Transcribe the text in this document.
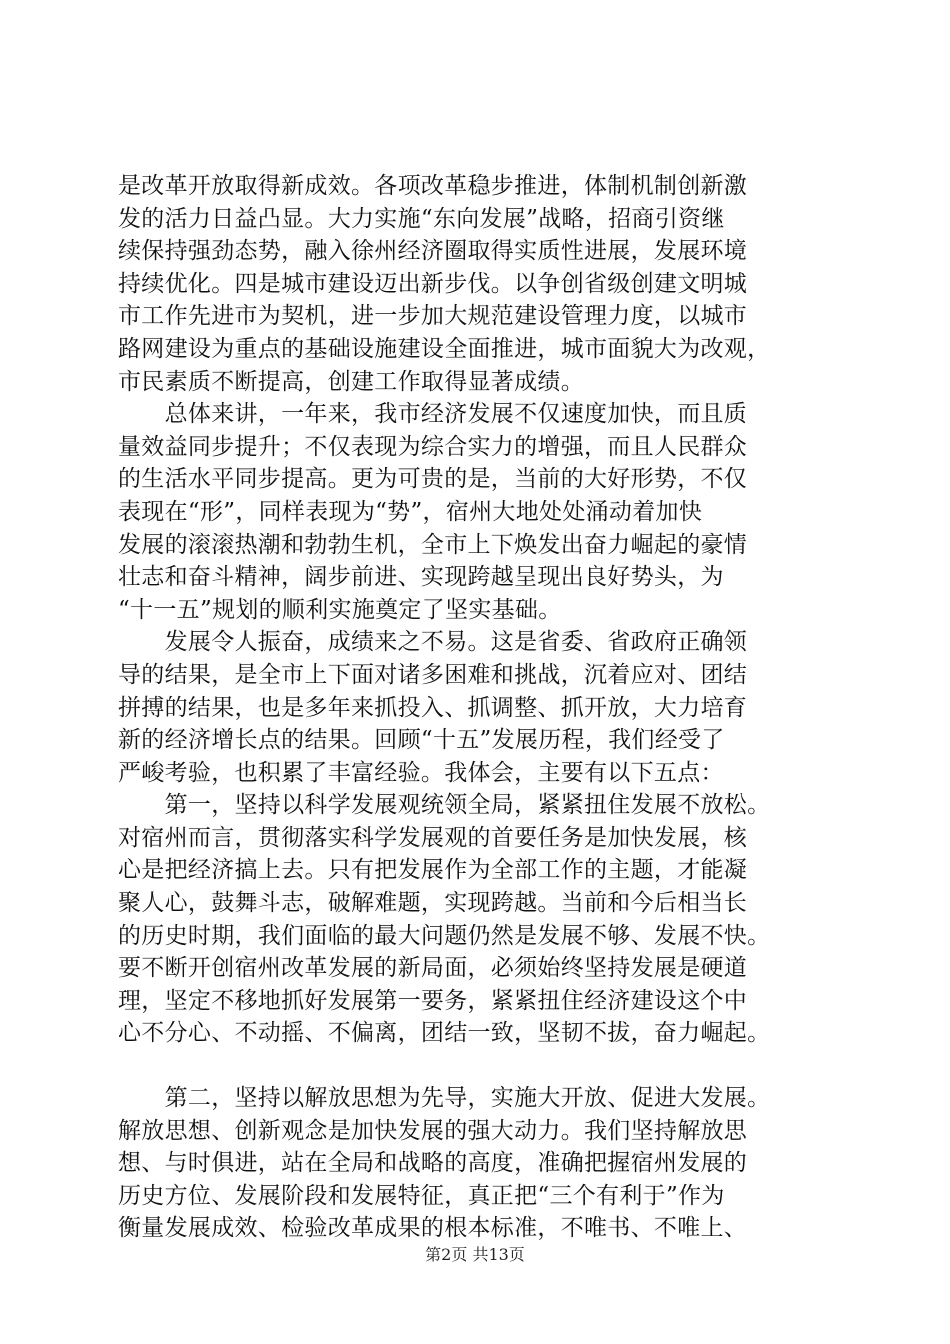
是改革开放取得新成效。各项改革稳步推进，体制机制创新激
发的活力日益凸显。大力实施“东向发展”战略，招商引资继
续保持强劲态势，融入徐州经济圈取得实质性进展，发展环境
持续优化。四是城市建设迈出新步伐。以争创省级创建文明城
市工作先进市为契机，进一步加大规范建设管理力度，以城市
路网建设为重点的基础设施建设全面推进，城市面貌大为改观，
市民素质不断提高，创建工作取得显著成绩。
　　总体来讲，一年来，我市经济发展不仅速度加快，而且质
量效益同步提升；不仅表现为综合实力的增强，而且人民群众
的生活水平同步提高。更为可贵的是，当前的大好形势，不仅
表现在“形”，同样表现为“势”，宿州大地处处涌动着加快
发展的滚滚热潮和勃勃生机，全市上下焕发出奋力崛起的豪情
壮志和奋斗精神，阔步前进、实现跨越呈现出良好势头，为
“十一五”规划的顺利实施奠定了坚实基础。
　　发展令人振奋，成绩来之不易。这是省委、省政府正确领
导的结果，是全市上下面对诸多困难和挑战，沉着应对、团结
拼搏的结果，也是多年来抓投入、抓调整、抓开放，大力培育
新的经济增长点的结果。回顾“十五”发展历程，我们经受了
严峻考验，也积累了丰富经验。我体会，主要有以下五点：
　　第一，坚持以科学发展观统领全局，紧紧扭住发展不放松。
对宿州而言，贯彻落实科学发展观的首要任务是加快发展，核
心是把经济搞上去。只有把发展作为全部工作的主题，才能凝
聚人心，鼓舞斗志，破解难题，实现跨越。当前和今后相当长
的历史时期，我们面临的最大问题仍然是发展不够、发展不快。
要不断开创宿州改革发展的新局面，必须始终坚持发展是硬道
理，坚定不移地抓好发展第一要务，紧紧扭住经济建设这个中
心不分心、不动摇、不偏离，团结一致，坚韧不拔，奋力崛起。
　　第二，坚持以解放思想为先导，实施大开放、促进大发展。
解放思想、创新观念是加快发展的强大动力。我们坚持解放思
想、与时俱进，站在全局和战略的高度，准确把握宿州发展的
历史方位、发展阶段和发展特征，真正把“三个有利于”作为
衡量发展成效、检验改革成果的根本标准，不唯书、不唯上、
第2页 共13页
